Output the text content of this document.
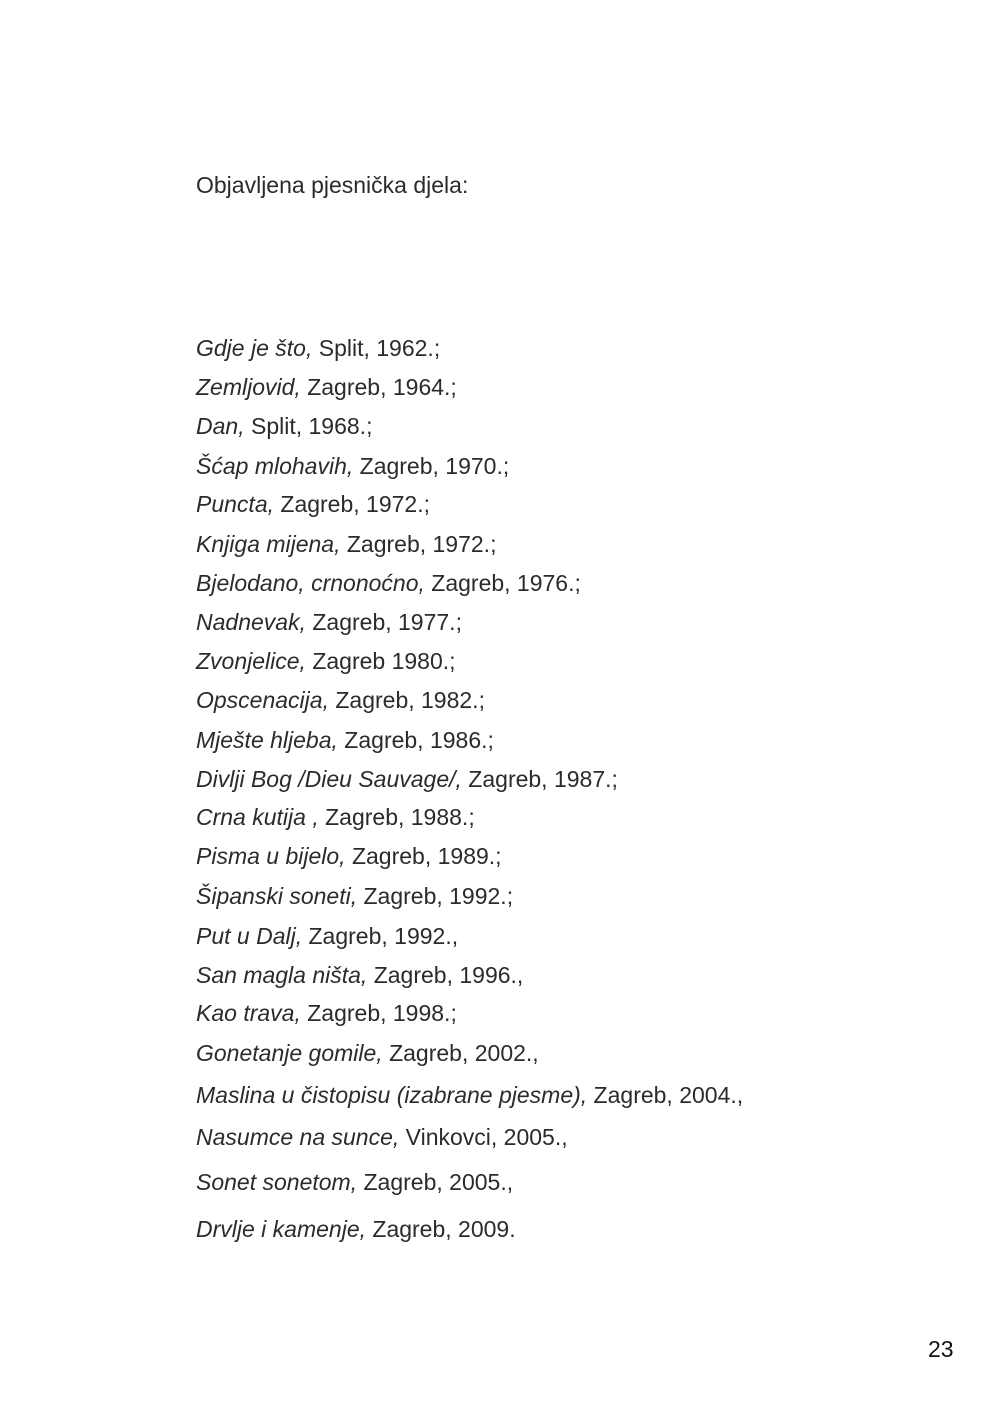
Objavljena pjesnička djela:
Gdje je što, Split, 1962.;
Zemljovid, Zagreb, 1964.;
Dan, Split, 1968.;
Šćap mlohavih, Zagreb, 1970.;
Puncta, Zagreb, 1972.;
Knjiga mijena, Zagreb, 1972.;
Bjelodano, crnonoćno, Zagreb, 1976.;
Nadnevak, Zagreb, 1977.;
Zvonjelice, Zagreb 1980.;
Opscenacija, Zagreb, 1982.;
Mješte hljeba, Zagreb, 1986.;
Divlji Bog /Dieu Sauvage/, Zagreb, 1987.;
Crna kutija , Zagreb, 1988.;
Pisma u bijelo, Zagreb, 1989.;
Šipanski soneti, Zagreb, 1992.;
Put u Dalj, Zagreb, 1992.,
San magla ništa, Zagreb, 1996.,
Kao trava, Zagreb, 1998.;
Gonetanje gomile, Zagreb, 2002.,
Maslina u čistopisu (izabrane pjesme), Zagreb, 2004.,
Nasumce na sunce, Vinkovci, 2005.,
Sonet sonetom, Zagreb, 2005.,
Drvlje i kamenje, Zagreb, 2009.
23
